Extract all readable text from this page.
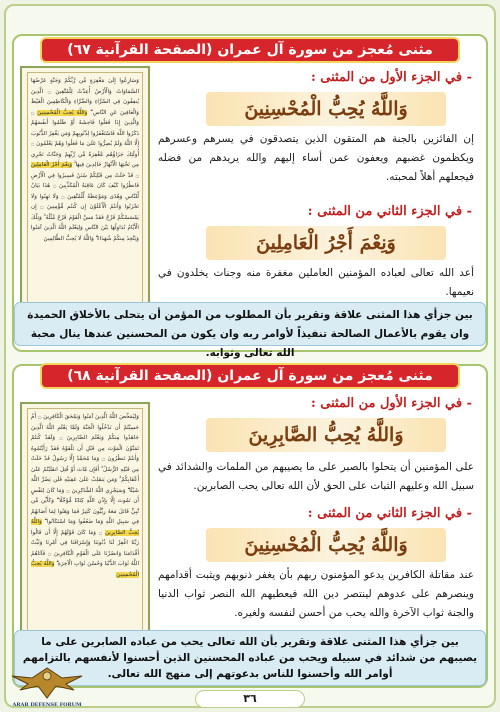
وَسَارِعُوا إِلَىٰ مَغْفِرَةٍ مِّن رَّبِّكُمْ وَجَنَّةٍ عَرْضُهَا السَّمَاوَاتُ وَالْأَرْضُ أُعِدَّتْ لِلْمُتَّقِينَ ۝ الَّذِينَ يُنفِقُونَ فِي السَّرَّاءِ وَالضَّرَّاءِ وَالْكَاظِمِينَ الْغَيْظَ وَالْعَافِينَ عَنِ النَّاسِ ۗ وَاللَّهُ يُحِبُّ الْمُحْسِنِينَ ۝ وَالَّذِينَ إِذَا فَعَلُوا فَاحِشَةً أَوْ ظَلَمُوا أَنفُسَهُمْ ذَكَرُوا اللَّهَ فَاسْتَغْفَرُوا لِذُنُوبِهِمْ وَمَن يَغْفِرُ الذُّنُوبَ إِلَّا اللَّهُ وَلَمْ يُصِرُّوا عَلَىٰ مَا فَعَلُوا وَهُمْ يَعْلَمُونَ ۝ أُولَٰئِكَ جَزَاؤُهُم مَّغْفِرَةٌ مِّن رَّبِّهِمْ وَجَنَّاتٌ تَجْرِي مِن تَحْتِهَا الْأَنْهَارُ خَالِدِينَ فِيهَا ۚ وَنِعْمَ أَجْرُ الْعَامِلِينَ ۝ قَدْ خَلَتْ مِن قَبْلِكُمْ سُنَنٌ فَسِيرُوا فِي الْأَرْضِ فَانظُرُوا كَيْفَ كَانَ عَاقِبَةُ الْمُكَذِّبِينَ ۝ هَٰذَا بَيَانٌ لِّلنَّاسِ وَهُدًى وَمَوْعِظَةٌ لِّلْمُتَّقِينَ ۝ وَلَا تَهِنُوا وَلَا تَحْزَنُوا وَأَنتُمُ الْأَعْلَوْنَ إِن كُنتُم مُّؤْمِنِينَ ۝ إِن يَمْسَسْكُمْ قَرْحٌ فَقَدْ مَسَّ الْقَوْمَ قَرْحٌ مِّثْلُهُ ۚ وَتِلْكَ الْأَيَّامُ نُدَاوِلُهَا بَيْنَ النَّاسِ وَلِيَعْلَمَ اللَّهُ الَّذِينَ آمَنُوا وَيَتَّخِذَ مِنكُمْ شُهَدَاءَ ۗ وَاللَّهُ لَا يُحِبُّ الظَّالِمِينَ
- في الجزء الأول من المثنى :
وَاللَّهُ يُحِبُّ الْمُحْسِنِينَ
إن الفائزين بالجنة هم المتقون الذين يتصدقون في يسرهم وعسرهم ويكظمون غضبهم ويعفون عمن أساء إليهم والله يريدهم من فضله فيجعلهم أهلاً لمحبته.
- في الجزء الثاني من المثنى :
وَنِعْمَ أَجْرُ الْعَامِلِينَ
أعد الله تعالى لعباده المؤمنين العاملين مغفرة منه وجنات يخلدون في نعيمها.
مثنى مُعجز من سورة آل عمران (الصفحة القرآنية ٦٧)
بين جزأي هذا المثنى علاقة وتقرير بأن المطلوب من المؤمن أن يتحلى بالأخلاق الحميدة وان يقوم بالأعمال الصالحة تنفيذاً لأوامر ربه وان يكون من المحسنين عندها ينال محبة الله تعالى وثوابه.
وَلِيُمَحِّصَ اللَّهُ الَّذِينَ آمَنُوا وَيَمْحَقَ الْكَافِرِينَ ۝ أَمْ حَسِبْتُمْ أَن تَدْخُلُوا الْجَنَّةَ وَلَمَّا يَعْلَمِ اللَّهُ الَّذِينَ جَاهَدُوا مِنكُمْ وَيَعْلَمَ الصَّابِرِينَ ۝ وَلَقَدْ كُنتُمْ تَمَنَّوْنَ الْمَوْتَ مِن قَبْلِ أَن تَلْقَوْهُ فَقَدْ رَأَيْتُمُوهُ وَأَنتُمْ تَنظُرُونَ ۝ وَمَا مُحَمَّدٌ إِلَّا رَسُولٌ قَدْ خَلَتْ مِن قَبْلِهِ الرُّسُلُ ۚ أَفَإِن مَّاتَ أَوْ قُتِلَ انقَلَبْتُمْ عَلَىٰ أَعْقَابِكُمْ ۚ وَمَن يَنقَلِبْ عَلَىٰ عَقِبَيْهِ فَلَن يَضُرَّ اللَّهَ شَيْئًا ۗ وَسَيَجْزِي اللَّهُ الشَّاكِرِينَ ۝ وَمَا كَانَ لِنَفْسٍ أَن تَمُوتَ إِلَّا بِإِذْنِ اللَّهِ كِتَابًا مُّؤَجَّلًا ۗ وَكَأَيِّن مِّن نَّبِيٍّ قَاتَلَ مَعَهُ رِبِّيُّونَ كَثِيرٌ فَمَا وَهَنُوا لِمَا أَصَابَهُمْ فِي سَبِيلِ اللَّهِ وَمَا ضَعُفُوا وَمَا اسْتَكَانُوا ۗ وَاللَّهُ يُحِبُّ الصَّابِرِينَ ۝ وَمَا كَانَ قَوْلَهُمْ إِلَّا أَن قَالُوا رَبَّنَا اغْفِرْ لَنَا ذُنُوبَنَا وَإِسْرَافَنَا فِي أَمْرِنَا وَثَبِّتْ أَقْدَامَنَا وَانصُرْنَا عَلَى الْقَوْمِ الْكَافِرِينَ ۝ فَآتَاهُمُ اللَّهُ ثَوَابَ الدُّنْيَا وَحُسْنَ ثَوَابِ الْآخِرَةِ ۗ وَاللَّهُ يُحِبُّ الْمُحْسِنِينَ
- في الجزء الأول من المثنى :
وَاللَّهُ يُحِبُّ الصَّابِرِينَ
على المؤمنين أن يتحلوا بالصبر على ما يصيبهم من الملمات والشدائد في سبيل الله وعليهم الثبات على الحق لأن الله تعالى يحب الصابرين.
- في الجزء الثاني من المثنى :
وَاللَّهُ يُحِبُّ الْمُحْسِنِينَ
عند مقاتلة الكافرين يدعو المؤمنون ربهم بأن يغفر ذنوبهم ويثبت أقدامهم وينصرهم على عدوهم لينتصر دين الله فيعطيهم الله النصر ثواب الدنيا والجنة ثواب الآخرة والله يحب من أحسن لنفسه ولغيره.
مثنى مُعجز من سورة آل عمران (الصفحة القرآنية ٦٨)
بين جزأي هذا المثنى علاقة وتقرير بأن الله تعالى يحب من عباده الصابرين على ما يصيبهم من شدائد في سبيله ويحب من عباده المحسنين الذين أحسنوا لأنفسهم بالتزامهم أوامر الله وأحسنوا للناس بدعوتهم إلى منهج الله تعالى.
٣٦
ARAB DEFENSE FORUM
